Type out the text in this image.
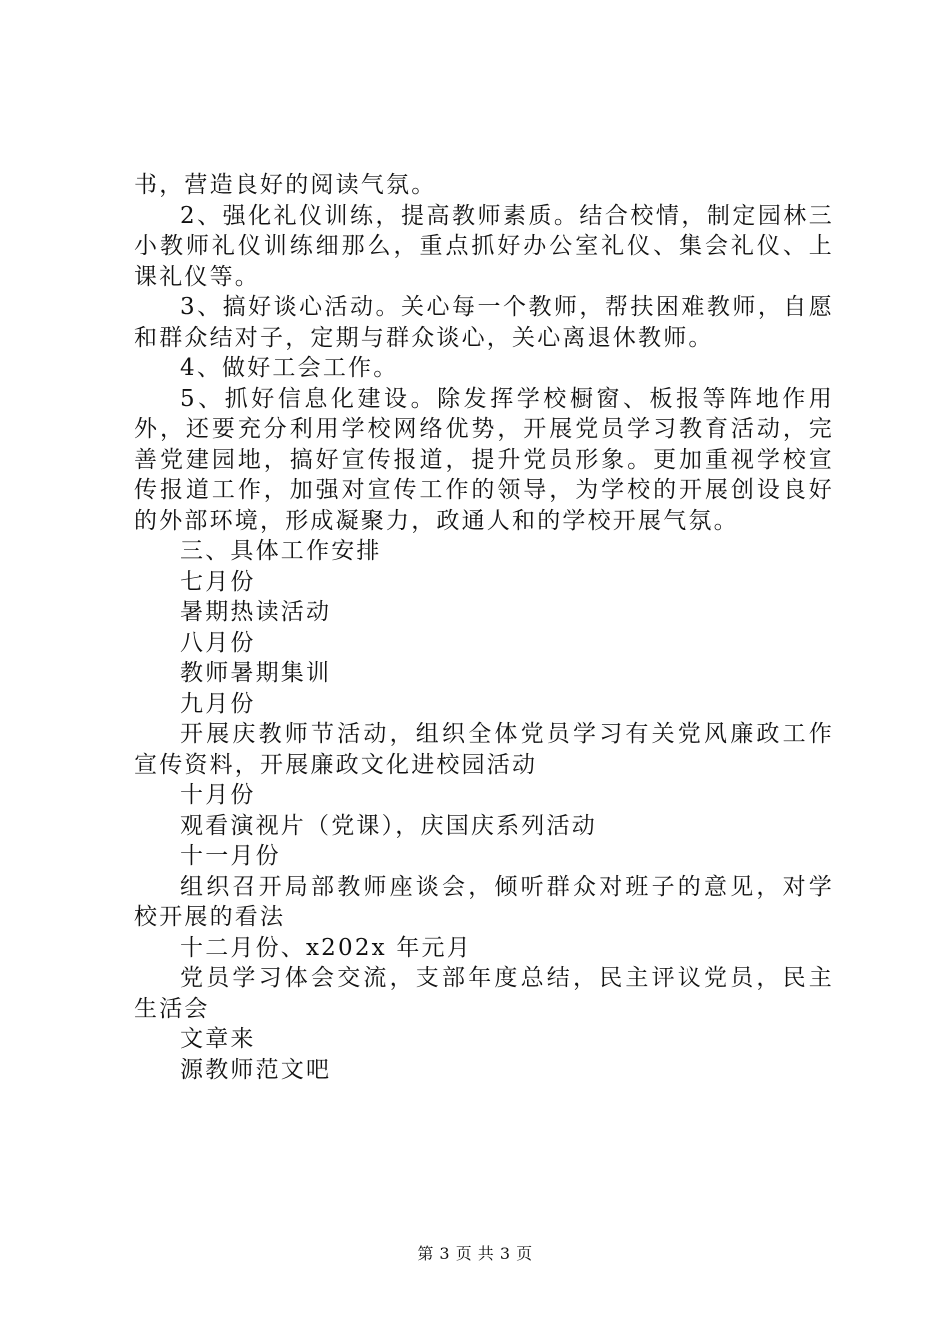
书，营造良好的阅读气氛。

2、强化礼仪训练，提高教师素质。结合校情，制定园林三小教师礼仪训练细那么，重点抓好办公室礼仪、集会礼仪、上课礼仪等。

3、搞好谈心活动。关心每一个教师，帮扶困难教师，自愿和群众结对子，定期与群众谈心，关心离退休教师。

4、做好工会工作。

5、抓好信息化建设。除发挥学校橱窗、板报等阵地作用外，还要充分利用学校网络优势，开展党员学习教育活动，完善党建园地，搞好宣传报道，提升党员形象。更加重视学校宣传报道工作，加强对宣传工作的领导，为学校的开展创设良好的外部环境，形成凝聚力，政通人和的学校开展气氛。

三、具体工作安排

七月份

暑期热读活动

八月份

教师暑期集训

九月份

开展庆教师节活动，组织全体党员学习有关党风廉政工作宣传资料，开展廉政文化进校园活动

十月份

观看演视片（党课），庆国庆系列活动

十一月份

组织召开局部教师座谈会，倾听群众对班子的意见，对学校开展的看法

十二月份、x202x 年元月

党员学习体会交流，支部年度总结，民主评议党员，民主生活会

文章来

源教师范文吧

第 3 页 共 3 页
